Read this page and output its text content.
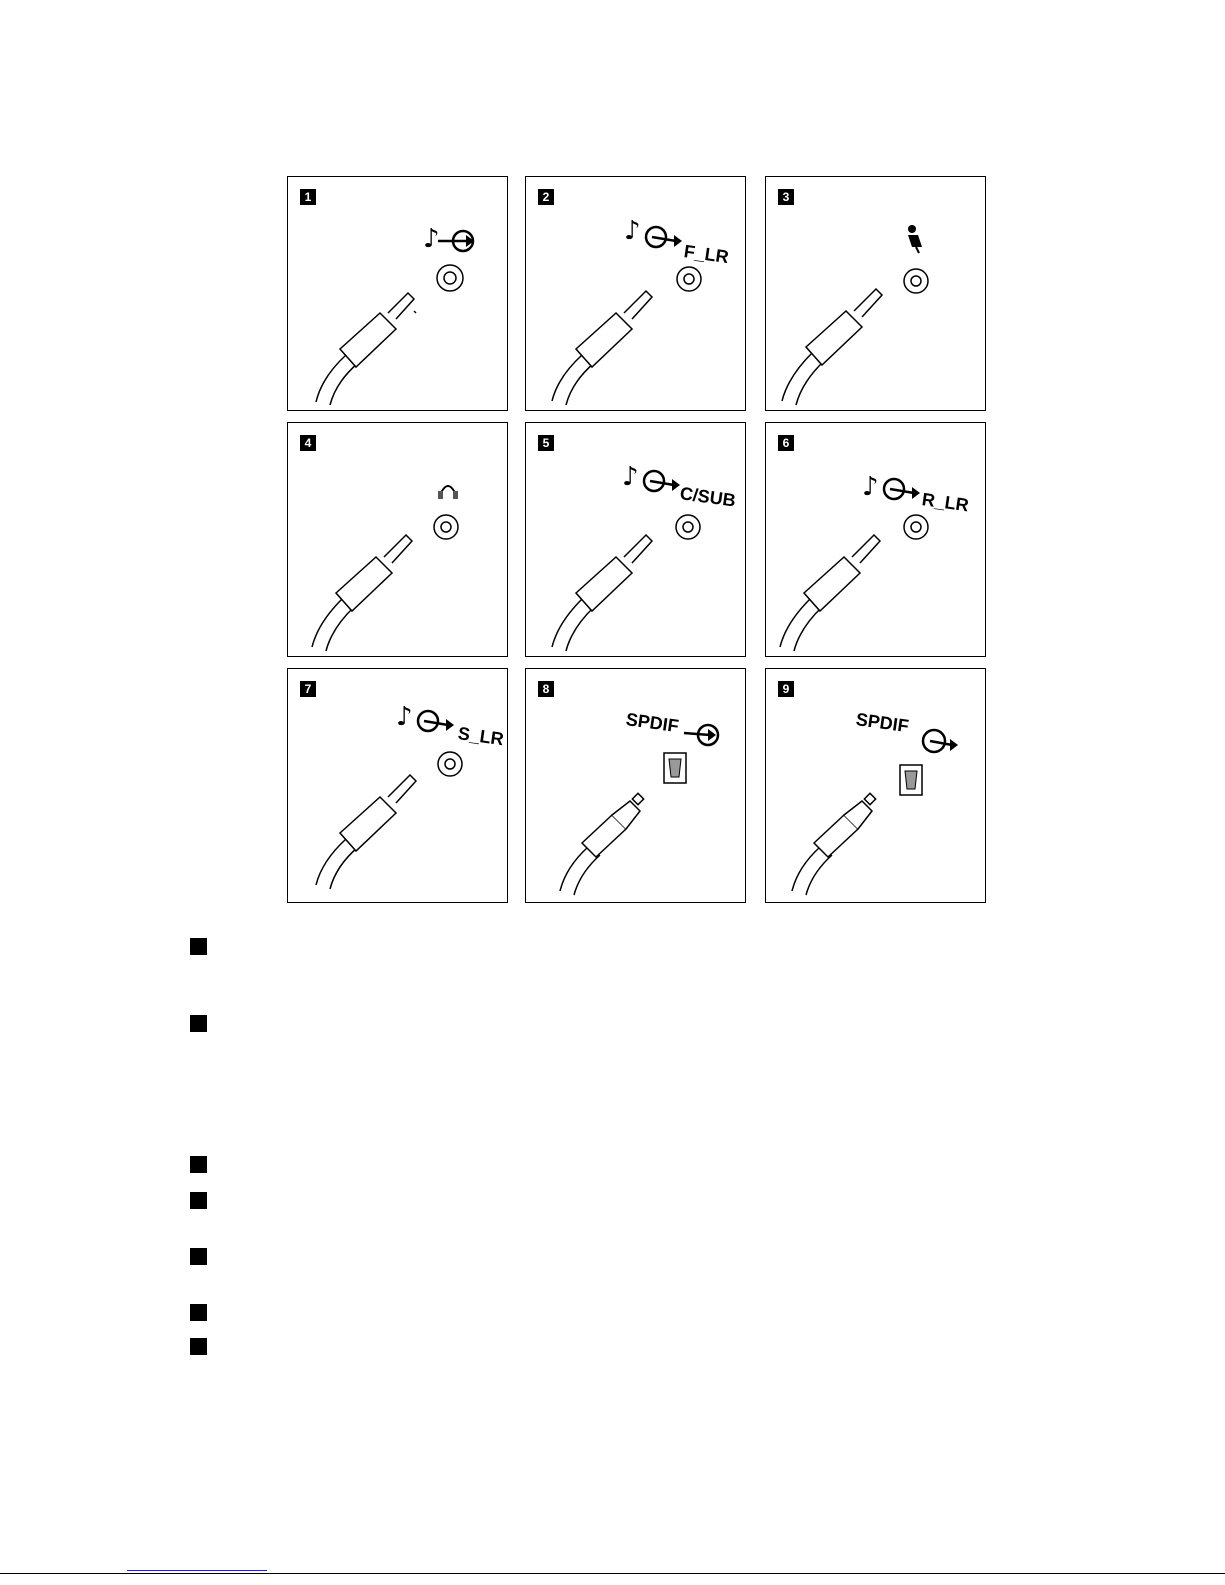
1
♪
2
♪
F_LR
3
4	5
♪
C/SUB
6
♪
R_LR
7
♪
S_LR
8
SPDIF
9
SPDIF
